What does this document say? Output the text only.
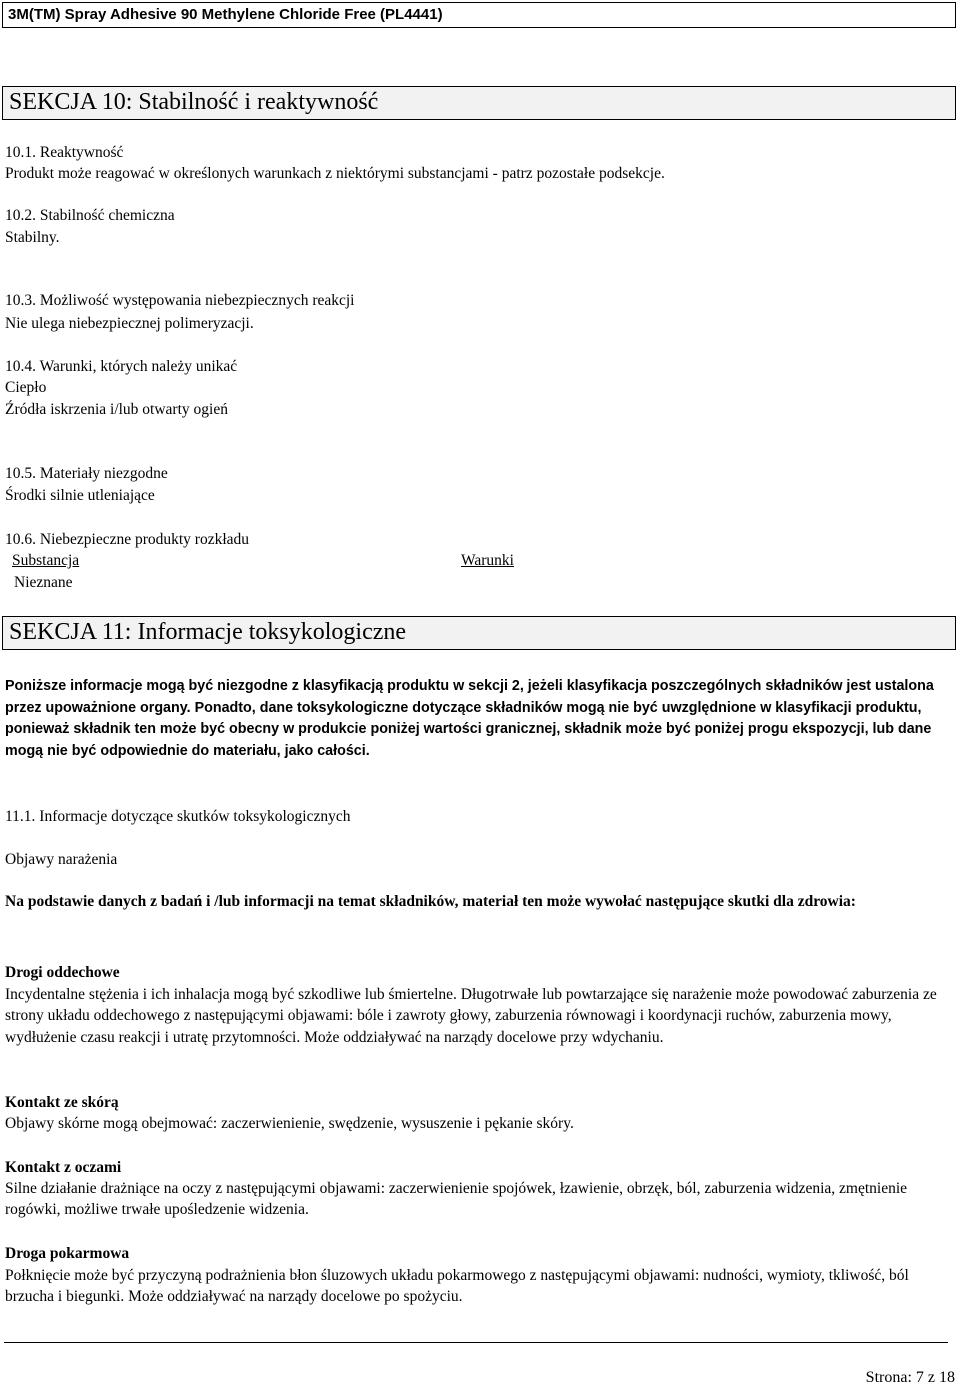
3M(TM) Spray Adhesive 90 Methylene Chloride Free (PL4441)
SEKCJA 10: Stabilność i reaktywność
10.1. Reaktywność
Produkt może reagować w określonych warunkach z niektórymi substancjami - patrz pozostałe podsekcje.
10.2. Stabilność chemiczna
Stabilny.
10.3. Możliwość występowania niebezpiecznych reakcji
Nie ulega niebezpiecznej polimeryzacji.
10.4. Warunki, których należy unikać
Ciepło
Źródła iskrzenia i/lub otwarty ogień
10.5. Materiały niezgodne
Środki silnie utleniające
10.6. Niebezpieczne produkty rozkładu
Substancja	Warunki
Nieznane
SEKCJA 11: Informacje toksykologiczne
Poniższe informacje mogą być niezgodne z klasyfikacją produktu w sekcji 2, jeżeli klasyfikacja poszczególnych składników jest ustalona przez upoważnione organy. Ponadto, dane toksykologiczne dotyczące składników mogą nie być uwzględnione w klasyfikacji produktu, ponieważ składnik ten może być obecny w produkcie poniżej wartości granicznej, składnik może być poniżej progu ekspozycji, lub dane mogą nie być odpowiednie do materiału, jako całości.
11.1. Informacje dotyczące skutków toksykologicznych
Objawy narażenia
Na podstawie danych z badań i /lub informacji na temat składników, materiał ten może wywołać następujące skutki dla zdrowia:
Drogi oddechowe
Incydentalne stężenia i ich inhalacja mogą być szkodliwe lub śmiertelne. Długotrwałe lub powtarzające się narażenie może powodować zaburzenia ze strony układu oddechowego z następującymi objawami: bóle i zawroty głowy, zaburzenia równowagi i koordynacji ruchów, zaburzenia mowy, wydłużenie czasu reakcji i utratę przytomności. Może oddziaływać na narządy docelowe przy wdychaniu.
Kontakt ze skórą
Objawy skórne mogą obejmować: zaczerwienienie, swędzenie, wysuszenie i pękanie skóry.
Kontakt z oczami
Silne działanie drażniące na oczy z następującymi objawami: zaczerwienienie spojówek, łzawienie, obrzęk, ból, zaburzenia widzenia, zmętnienie rogówki, możliwe trwałe upośledzenie widzenia.
Droga pokarmowa
Połknięcie może być przyczyną podrażnienia błon śluzowych układu pokarmowego z następującymi objawami: nudności, wymioty, tkliwość, ból brzucha i biegunki. Może oddziaływać na narządy docelowe po spożyciu.
Strona: 7 z 18
